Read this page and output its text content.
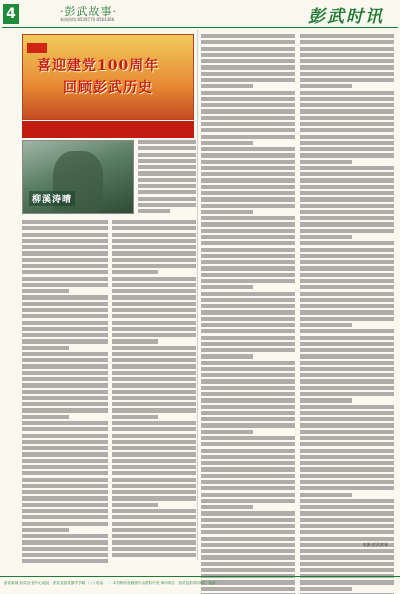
4	·彭武故事·
新闻热线:8549770 8564366	彭武时讯
喜迎建党100周年
回顾彭武历史
柳溪涛晴
来源 彭武故事
彭武新闻·彭武首·彭中心地址：彭武县彭武镇中学路 ｜ 门 电话： ｜ 本刊物所登载图片由资料中发 承印单位：彭武县彭武印刷厂 电话：
